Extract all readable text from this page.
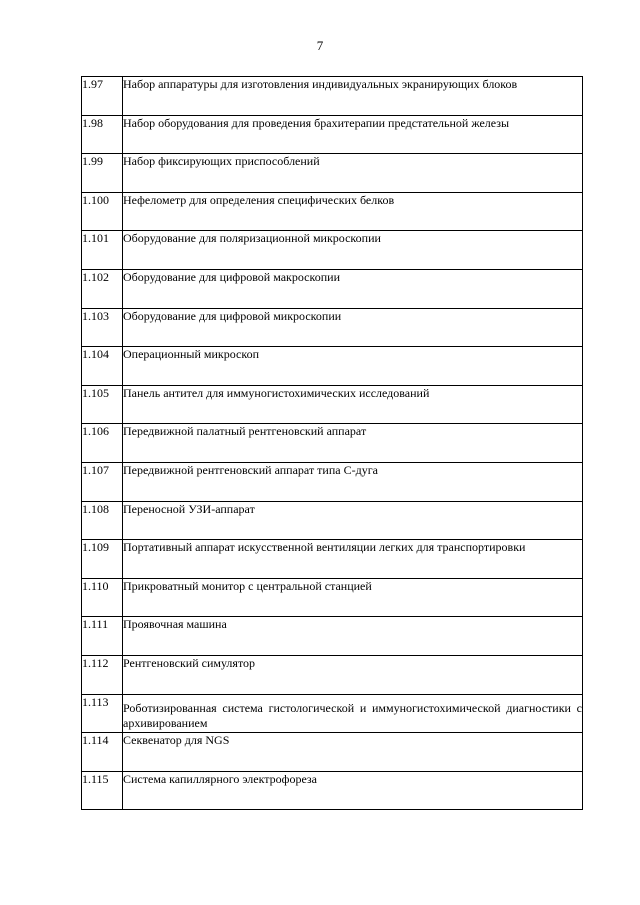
7
1.97	Набор аппаратуры для изготовления индивидуальных экранирующих блоков
1.98	Набор оборудования для проведения брахитерапии предстательной железы
1.99	Набор фиксирующих приспособлений
1.100	Нефелометр для определения специфических белков
1.101	Оборудование для поляризационной микроскопии
1.102	Оборудование для цифровой макроскопии
1.103	Оборудование для цифровой микроскопии
1.104	Операционный микроскоп
1.105	Панель антител для иммуногистохимических исследований
1.106	Передвижной палатный рентгеновский аппарат
1.107	Передвижной рентгеновский аппарат типа С-дуга
1.108	Переносной УЗИ-аппарат
1.109	Портативный аппарат искусственной вентиляции легких для транспортировки
1.110	Прикроватный монитор с центральной станцией
1.111	Проявочная машина
1.112	Рентгеновский симулятор
1.113	Роботизированная система гистологической и иммуногистохимической диагностики с архивированием
1.114	Секвенатор для NGS
1.115	Система капиллярного электрофореза
